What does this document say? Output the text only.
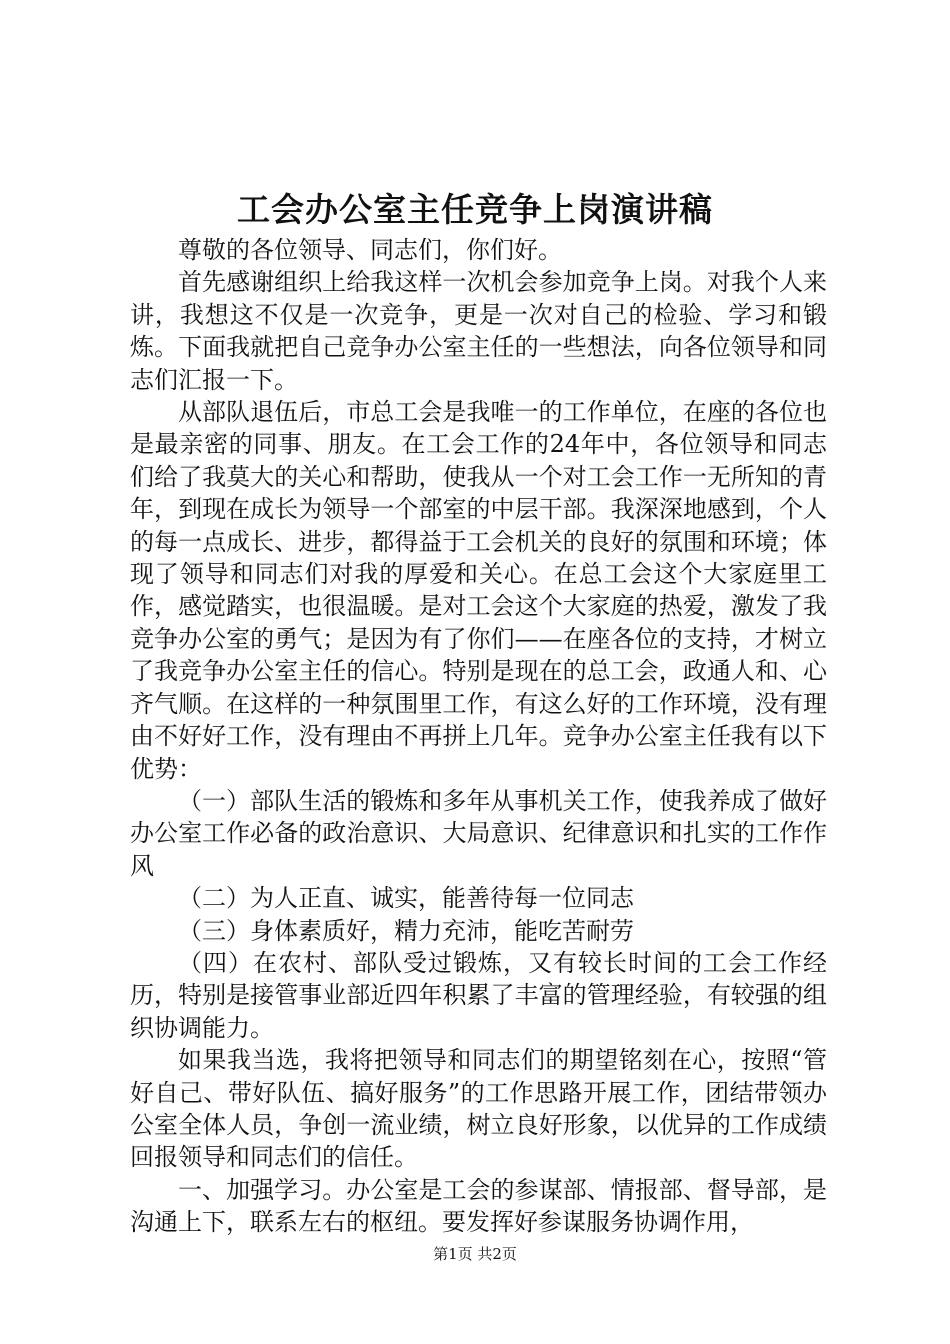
工会办公室主任竞争上岗演讲稿

尊敬的各位领导、同志们，你们好。

首先感谢组织上给我这样一次机会参加竞争上岗。对我个人来讲，我想这不仅是一次竞争，更是一次对自己的检验、学习和锻炼。下面我就把自己竞争办公室主任的一些想法，向各位领导和同志们汇报一下。

从部队退伍后，市总工会是我唯一的工作单位，在座的各位也是最亲密的同事、朋友。在工会工作的24年中，各位领导和同志们给了我莫大的关心和帮助，使我从一个对工会工作一无所知的青年，到现在成长为领导一个部室的中层干部。我深深地感到，个人的每一点成长、进步，都得益于工会机关的良好的氛围和环境；体现了领导和同志们对我的厚爱和关心。在总工会这个大家庭里工作，感觉踏实，也很温暖。是对工会这个大家庭的热爱，激发了我竞争办公室的勇气；是因为有了你们——在座各位的支持，才树立了我竞争办公室主任的信心。特别是现在的总工会，政通人和、心齐气顺。在这样的一种氛围里工作，有这么好的工作环境，没有理由不好好工作，没有理由不再拼上几年。竞争办公室主任我有以下优势：

（一）部队生活的锻炼和多年从事机关工作，使我养成了做好办公室工作必备的政治意识、大局意识、纪律意识和扎实的工作作风

（二）为人正直、诚实，能善待每一位同志

（三）身体素质好，精力充沛，能吃苦耐劳

（四）在农村、部队受过锻炼，又有较长时间的工会工作经历，特别是接管事业部近四年积累了丰富的管理经验，有较强的组织协调能力。

如果我当选，我将把领导和同志们的期望铭刻在心，按照“管好自己、带好队伍、搞好服务”的工作思路开展工作，团结带领办公室全体人员，争创一流业绩，树立良好形象，以优异的工作成绩回报领导和同志们的信任。

一、加强学习。办公室是工会的参谋部、情报部、督导部，是沟通上下，联系左右的枢纽。要发挥好参谋服务协调作用，

第1页 共2页
